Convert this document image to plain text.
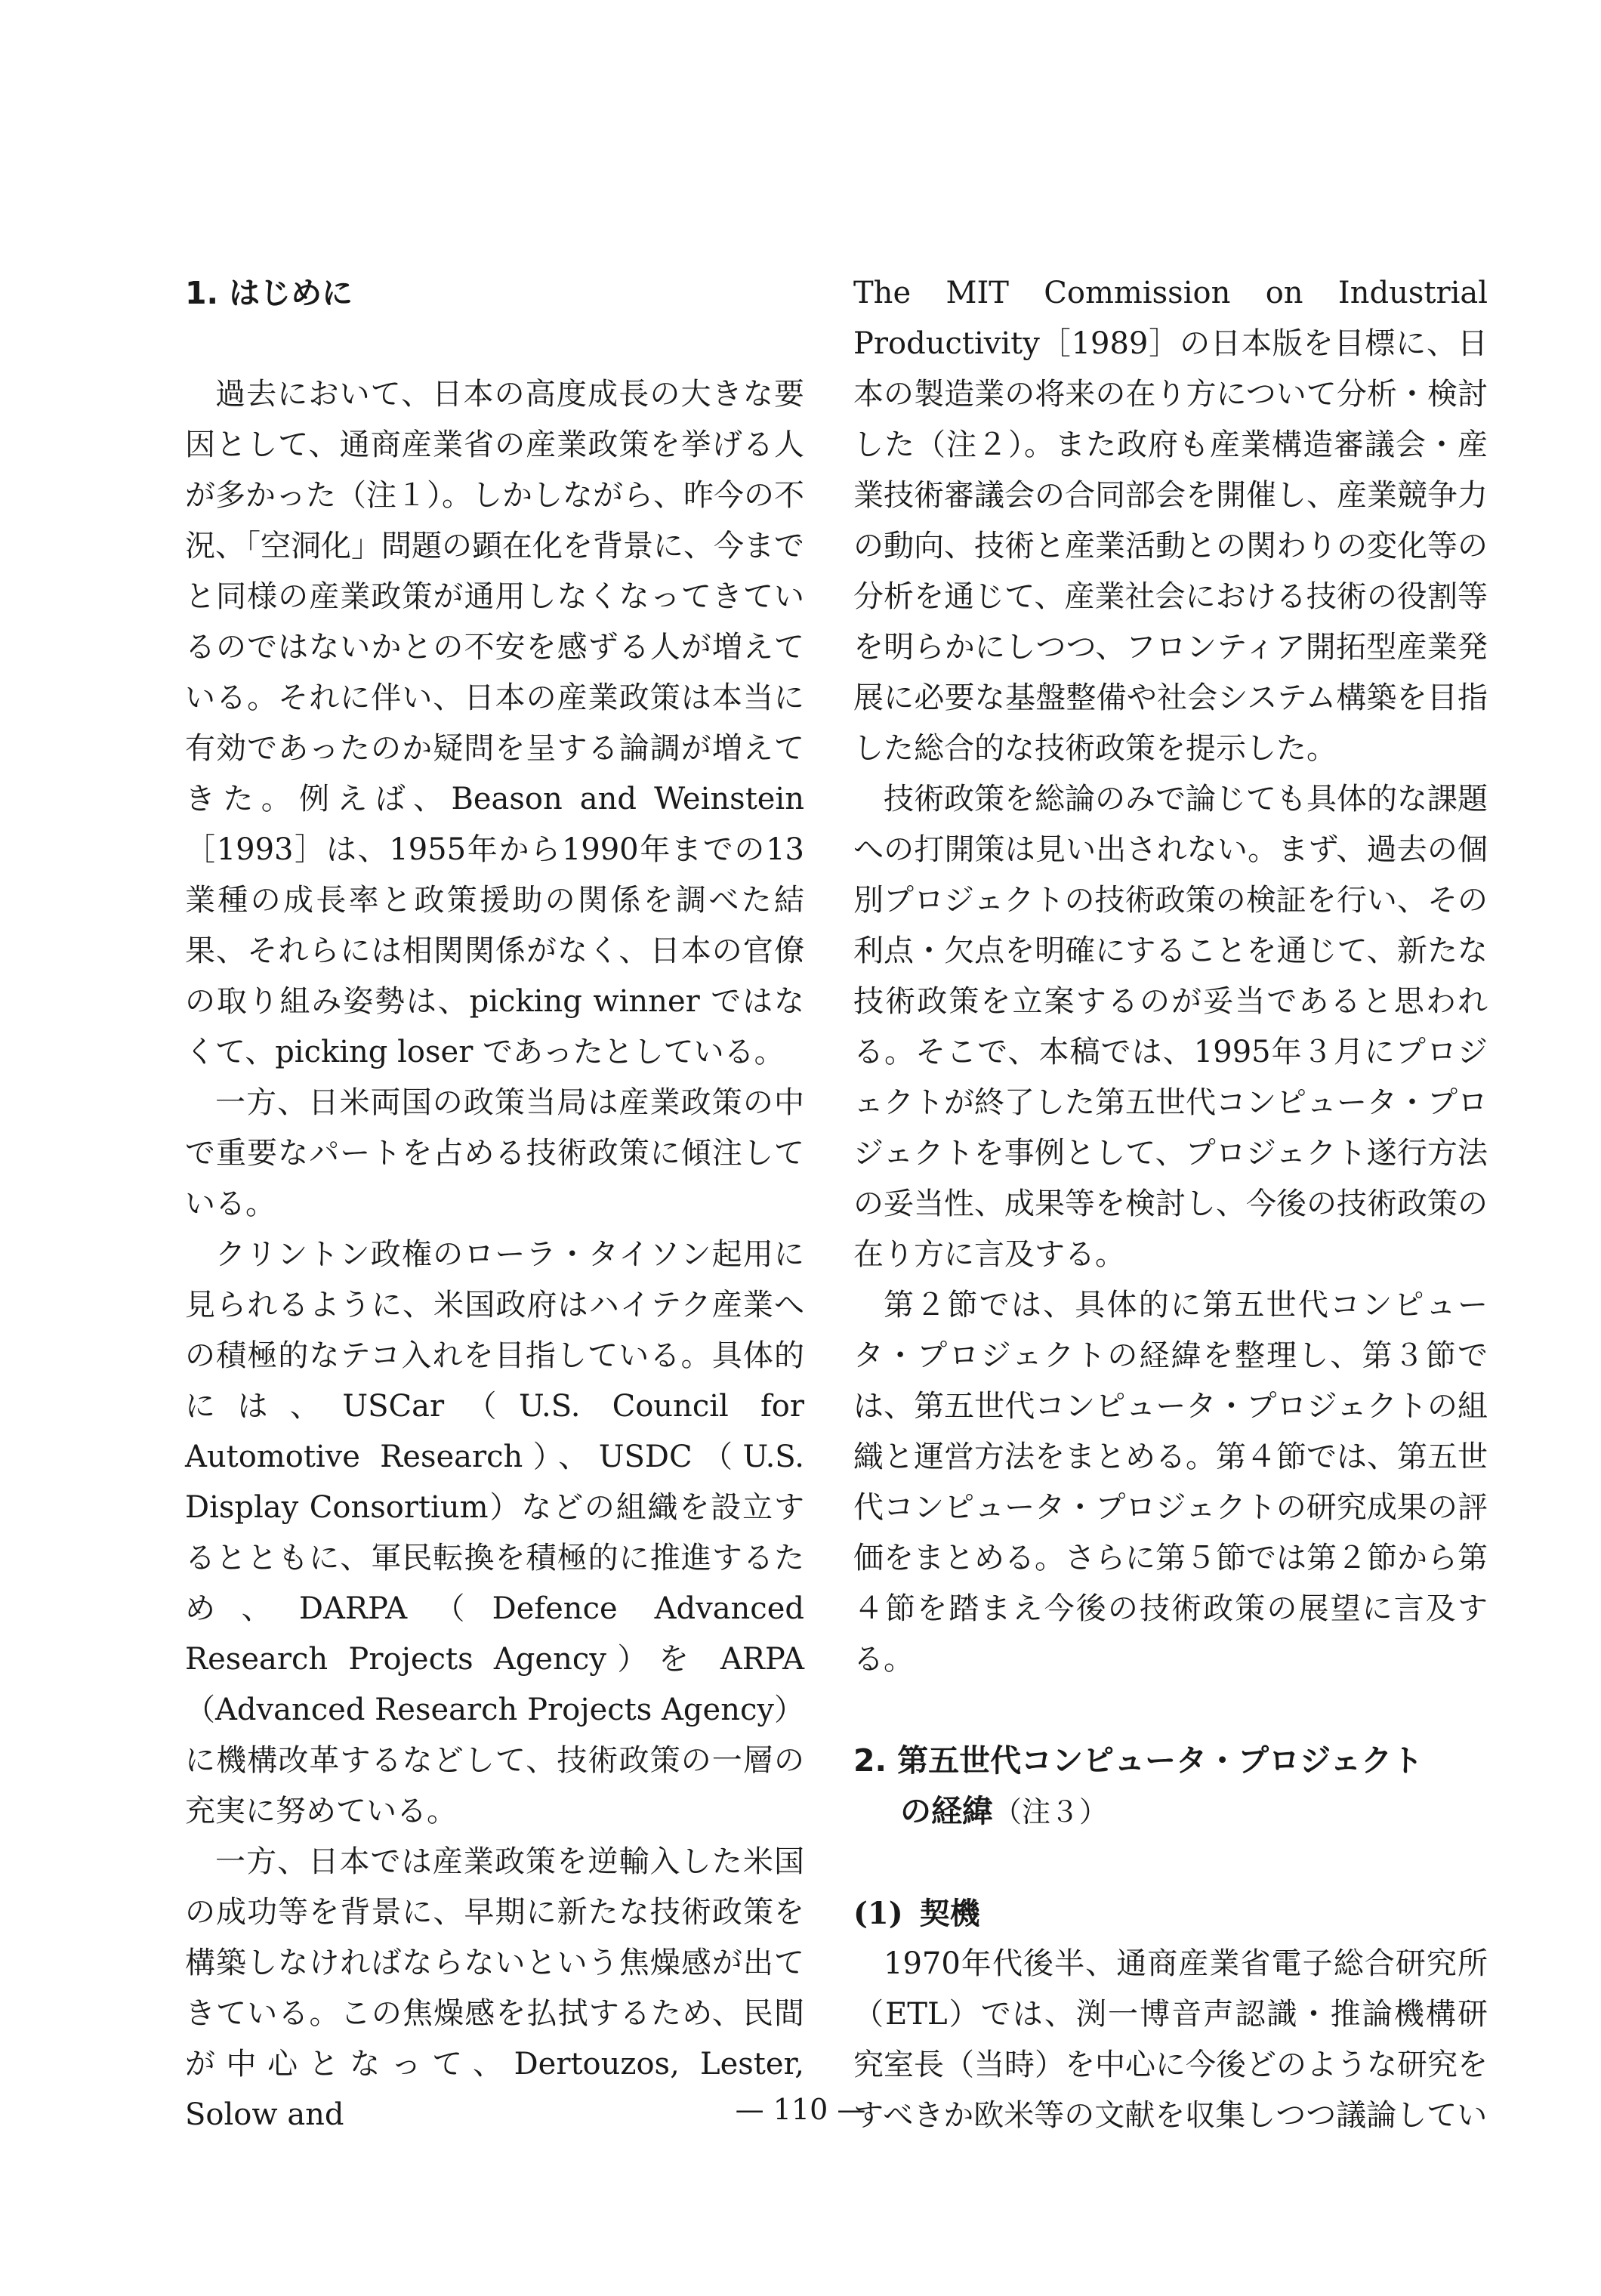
1. はじめに

過去において、日本の高度成長の大きな要因として、通商産業省の産業政策を挙げる人が多かった（注１）。しかしながら、昨今の不況、「空洞化」問題の顕在化を背景に、今までと同様の産業政策が通用しなくなってきているのではないかとの不安を感ずる人が増えている。それに伴い、日本の産業政策は本当に有効であったのか疑問を呈する論調が増えてきた。例えば、Beason and Weinstein［1993］は、1955年から1990年までの13業種の成長率と政策援助の関係を調べた結果、それらには相関関係がなく、日本の官僚の取り組み姿勢は、picking winner ではなくて、picking loser であったとしている。

一方、日米両国の政策当局は産業政策の中で重要なパートを占める技術政策に傾注している。

クリントン政権のローラ・タイソン起用に見られるように、米国政府はハイテク産業への積極的なテコ入れを目指している。具体的には、USCar（U.S. Council for Automotive Research）、USDC（U.S. Display Consortium）などの組織を設立するとともに、軍民転換を積極的に推進するため、DARPA（Defence Advanced Research Projects Agency）を ARPA（Advanced Research Projects Agency）に機構改革するなどして、技術政策の一層の充実に努めている。

一方、日本では産業政策を逆輸入した米国の成功等を背景に、早期に新たな技術政策を構築しなければならないという焦燥感が出てきている。この焦燥感を払拭するため、民間が中心となって、Dertouzos, Lester, Solow and

The MIT Commission on Industrial Productivity［1989］の日本版を目標に、日本の製造業の将来の在り方について分析・検討した（注２）。また政府も産業構造審議会・産業技術審議会の合同部会を開催し、産業競争力の動向、技術と産業活動との関わりの変化等の分析を通じて、産業社会における技術の役割等を明らかにしつつ、フロンティア開拓型産業発展に必要な基盤整備や社会システム構築を目指した総合的な技術政策を提示した。

技術政策を総論のみで論じても具体的な課題への打開策は見い出されない。まず、過去の個別プロジェクトの技術政策の検証を行い、その利点・欠点を明確にすることを通じて、新たな技術政策を立案するのが妥当であると思われる。そこで、本稿では、1995年３月にプロジェクトが終了した第五世代コンピュータ・プロジェクトを事例として、プロジェクト遂行方法の妥当性、成果等を検討し、今後の技術政策の在り方に言及する。

第２節では、具体的に第五世代コンピュータ・プロジェクトの経緯を整理し、第３節では、第五世代コンピュータ・プロジェクトの組織と運営方法をまとめる。第４節では、第五世代コンピュータ・プロジェクトの研究成果の評価をまとめる。さらに第５節では第２節から第４節を踏まえ今後の技術政策の展望に言及する。

2. 第五世代コンピュータ・プロジェクト
の経緯（注３）
(1) 契機

1970年代後半、通商産業省電子総合研究所（ETL）では、渕一博音声認識・推論機構研究室長（当時）を中心に今後どのような研究をすべきか欧米等の文献を収集しつつ議論してい

— 110 —
